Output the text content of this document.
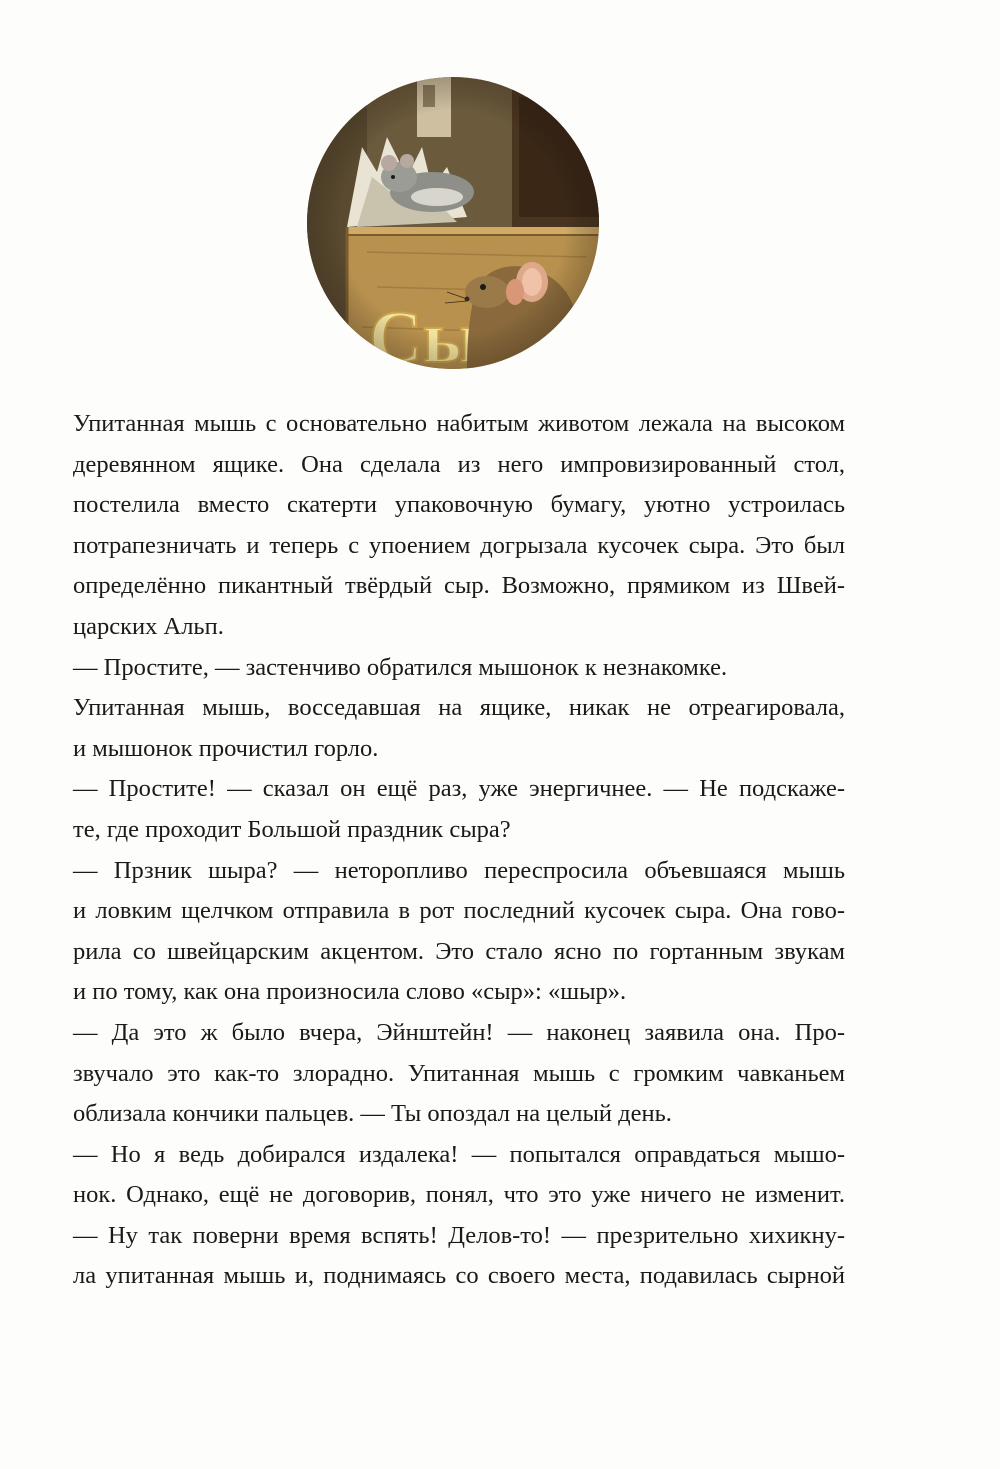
Упитанная мышь с основательно набитым животом лежала на высоком
деревянном ящике. Она сделала из него импровизированный стол,
постелила вместо скатерти упаковочную бумагу, уютно устроилась
потрапезничать и теперь с упоением догрызала кусочек сыра. Это был
определённо пикантный твёрдый сыр. Возможно, прямиком из Швей-
царских Альп.
— Простите, — застенчиво обратился мышонок к незнакомке.
Упитанная мышь, восседавшая на ящике, никак не отреагировала,
и мышонок прочистил горло.
— Простите! — сказал он ещё раз, уже энергичнее. — Не подскаже-
те, где проходит Большой праздник сыра?
— Прзник шыра? — неторопливо переспросила объевшаяся мышь
и ловким щелчком отправила в рот последний кусочек сыра. Она гово-
рила со швейцарским акцентом. Это стало ясно по гортанным звукам
и по тому, как она произносила слово «сыр»: «шыр».
— Да это ж было вчера, Эйнштейн! — наконец заявила она. Про-
звучало это как-то злорадно. Упитанная мышь с громким чавканьем
облизала кончики пальцев. — Ты опоздал на целый день.
— Но я ведь добирался издалека! — попытался оправдаться мышо-
нок. Однако, ещё не договорив, понял, что это уже ничего не изменит.
— Ну так поверни время вспять! Делов-то! — презрительно хихикну-
ла упитанная мышь и, поднимаясь со своего места, подавилась сырной
